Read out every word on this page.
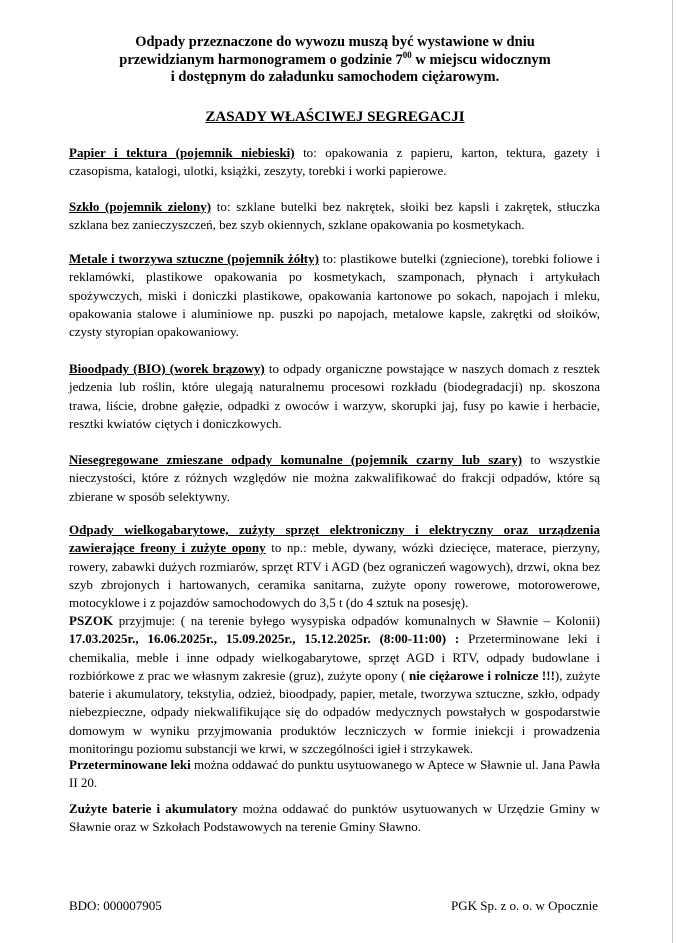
Odpady przeznaczone do wywozu muszą być wystawione w dniu
przewidzianym harmonogramem o godzinie $7^{00}$ w miejscu widocznym
i dostępnym do załadunku samochodem ciężarowym.
ZASADY WŁAŚCIWEJ SEGREGACJI
Papier i tektura (pojemnik niebieski) to: opakowania z papieru, karton, tektura, gazety i czasopisma, katalogi, ulotki, książki, zeszyty, torebki i worki papierowe.
Szkło (pojemnik zielony) to: szklane butelki bez nakrętek, słoiki bez kapsli i zakrętek, stłuczka szklana bez zanieczyszczeń, bez szyb okiennych, szklane opakowania po kosmetykach.
Metale i tworzywa sztuczne (pojemnik żółty) to: plastikowe butelki (zgniecione), torebki foliowe i reklamówki, plastikowe opakowania po kosmetykach, szamponach, płynach i artykułach spożywczych, miski i doniczki plastikowe, opakowania kartonowe po sokach, napojach i mleku, opakowania stalowe i aluminiowe np. puszki po napojach, metalowe kapsle, zakrętki od słoików, czysty styropian opakowaniowy.
Bioodpady (BIO) (worek brązowy) to odpady organiczne powstające w naszych domach z resztek jedzenia lub roślin, które ulegają naturalnemu procesowi rozkładu (biodegradacji) np. skoszona trawa, liście, drobne gałęzie, odpadki z owoców i warzyw, skorupki jaj, fusy po kawie i herbacie, resztki kwiatów ciętych i doniczkowych.
Niesegregowane zmieszane odpady komunalne (pojemnik czarny lub szary) to wszystkie nieczystości, które z różnych względów nie można zakwalifikować do frakcji odpadów, które są zbierane w sposób selektywny.
Odpady wielkogabarytowe, zużyty sprzęt elektroniczny i elektryczny oraz urządzenia zawierające freony i zużyte opony to np.: meble, dywany, wózki dziecięce, materace, pierzyny, rowery, zabawki dużych rozmiarów, sprzęt RTV i AGD (bez ograniczeń wagowych), drzwi, okna bez szyb zbrojonych i hartowanych, ceramika sanitarna, zużyte opony rowerowe, motorowerowe, motocyklowe i z pojazdów samochodowych do 3,5 t (do 4 sztuk na posesję).
PSZOK przyjmuje: ( na terenie byłego wysypiska odpadów komunalnych w Sławnie – Kolonii) 17.03.2025r., 16.06.2025r., 15.09.2025r., 15.12.2025r. (8:00-11:00) : Przeterminowane leki i chemikalia, meble i inne odpady wielkogabarytowe, sprzęt AGD i RTV, odpady budowlane i rozbiórkowe z prac we własnym zakresie (gruz), zużyte opony ( nie ciężarowe i rolnicze !!!), zużyte baterie i akumulatory, tekstylia, odzież, bioodpady, papier, metale, tworzywa sztuczne, szkło, odpady niebezpieczne, odpady niekwalifikujące się do odpadów medycznych powstałych w gospodarstwie domowym w wyniku przyjmowania produktów leczniczych w formie iniekcji i prowadzenia monitoringu poziomu substancji we krwi, w szczególności igieł i strzykawek.
Przeterminowane leki można oddawać do punktu usytuowanego w Aptece w Sławnie ul. Jana Pawła II 20.
Zużyte baterie i akumulatory można oddawać do punktów usytuowanych w Urzędzie Gminy w Sławnie oraz w Szkołach Podstawowych na terenie Gminy Sławno.
BDO: 000007905	PGK Sp. z o. o. w Opocznie
